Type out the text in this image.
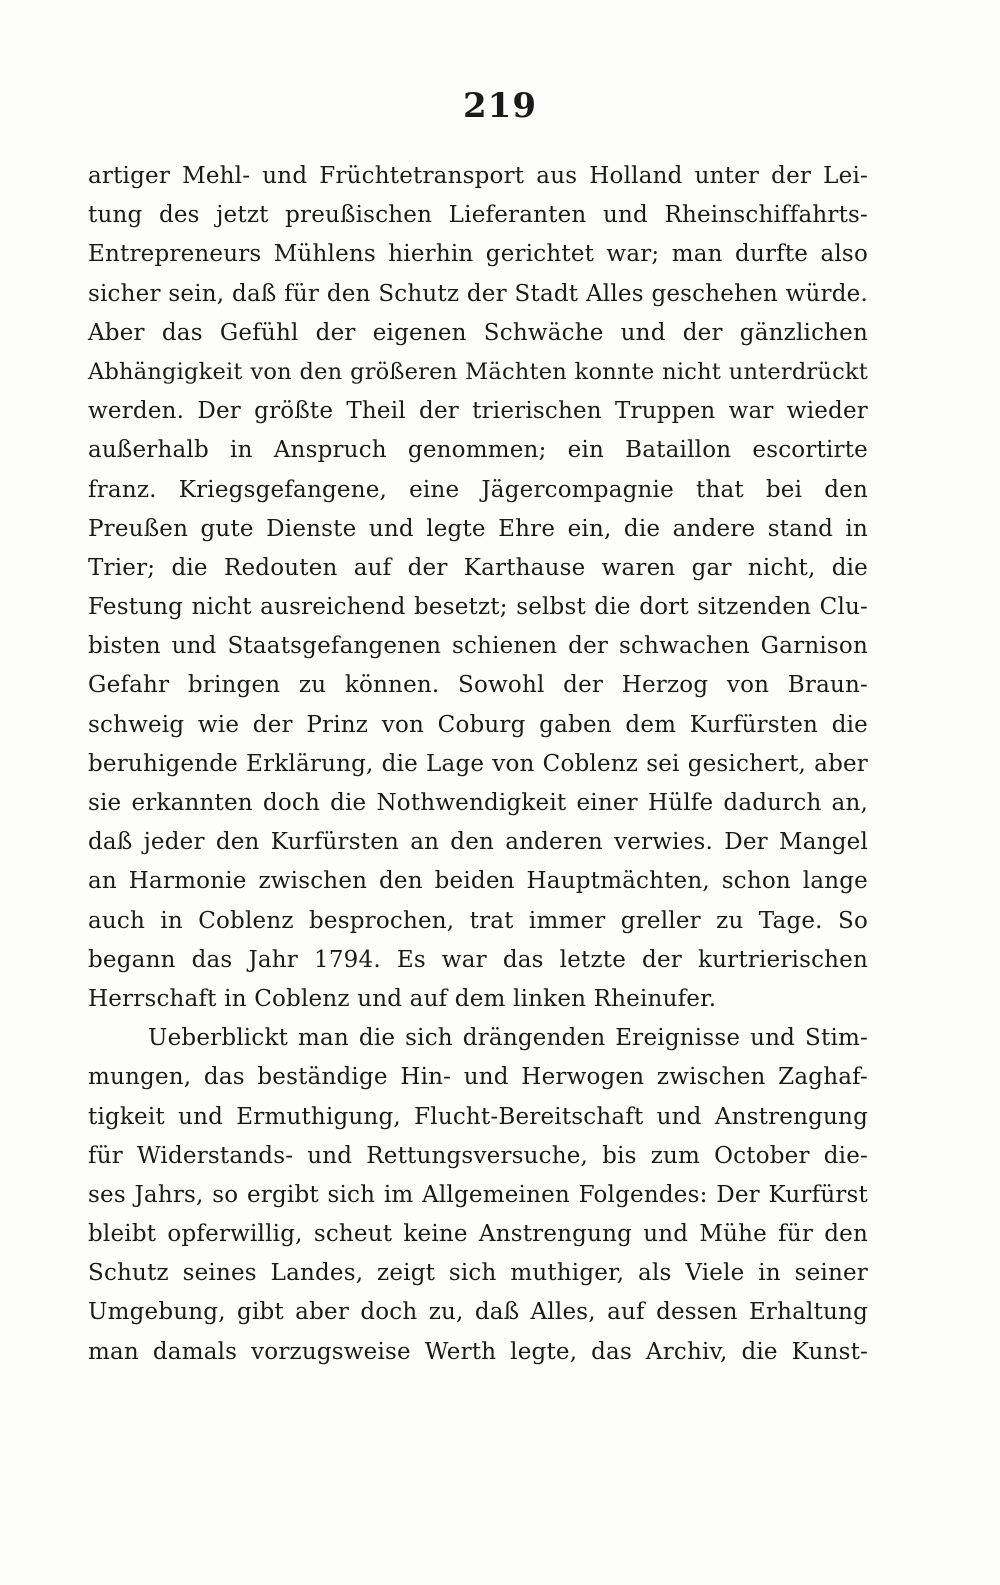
219
artiger Mehl- und Früchtetransport aus Holland unter der Lei-
tung des jetzt preußischen Lieferanten und Rheinschiffahrts-
Entrepreneurs Mühlens hierhin gerichtet war; man durfte also
sicher sein, daß für den Schutz der Stadt Alles geschehen würde.
Aber das Gefühl der eigenen Schwäche und der gänzlichen
Abhängigkeit von den größeren Mächten konnte nicht unterdrückt
werden. Der größte Theil der trierischen Truppen war wieder
außerhalb in Anspruch genommen; ein Bataillon escortirte
franz. Kriegsgefangene, eine Jägercompagnie that bei den
Preußen gute Dienste und legte Ehre ein, die andere stand in
Trier; die Redouten auf der Karthause waren gar nicht, die
Festung nicht ausreichend besetzt; selbst die dort sitzenden Clu-
bisten und Staatsgefangenen schienen der schwachen Garnison
Gefahr bringen zu können. Sowohl der Herzog von Braun-
schweig wie der Prinz von Coburg gaben dem Kurfürsten die
beruhigende Erklärung, die Lage von Coblenz sei gesichert, aber
sie erkannten doch die Nothwendigkeit einer Hülfe dadurch an,
daß jeder den Kurfürsten an den anderen verwies. Der Mangel
an Harmonie zwischen den beiden Hauptmächten, schon lange
auch in Coblenz besprochen, trat immer greller zu Tage. So
begann das Jahr 1794. Es war das letzte der kurtrierischen
Herrschaft in Coblenz und auf dem linken Rheinufer.
Ueberblickt man die sich drängenden Ereignisse und Stim-
mungen, das beständige Hin- und Herwogen zwischen Zaghaf-
tigkeit und Ermuthigung, Flucht-Bereitschaft und Anstrengung
für Widerstands- und Rettungsversuche, bis zum October die-
ses Jahrs, so ergibt sich im Allgemeinen Folgendes: Der Kurfürst
bleibt opferwillig, scheut keine Anstrengung und Mühe für den
Schutz seines Landes, zeigt sich muthiger, als Viele in seiner
Umgebung, gibt aber doch zu, daß Alles, auf dessen Erhaltung
man damals vorzugsweise Werth legte, das Archiv, die Kunst-
